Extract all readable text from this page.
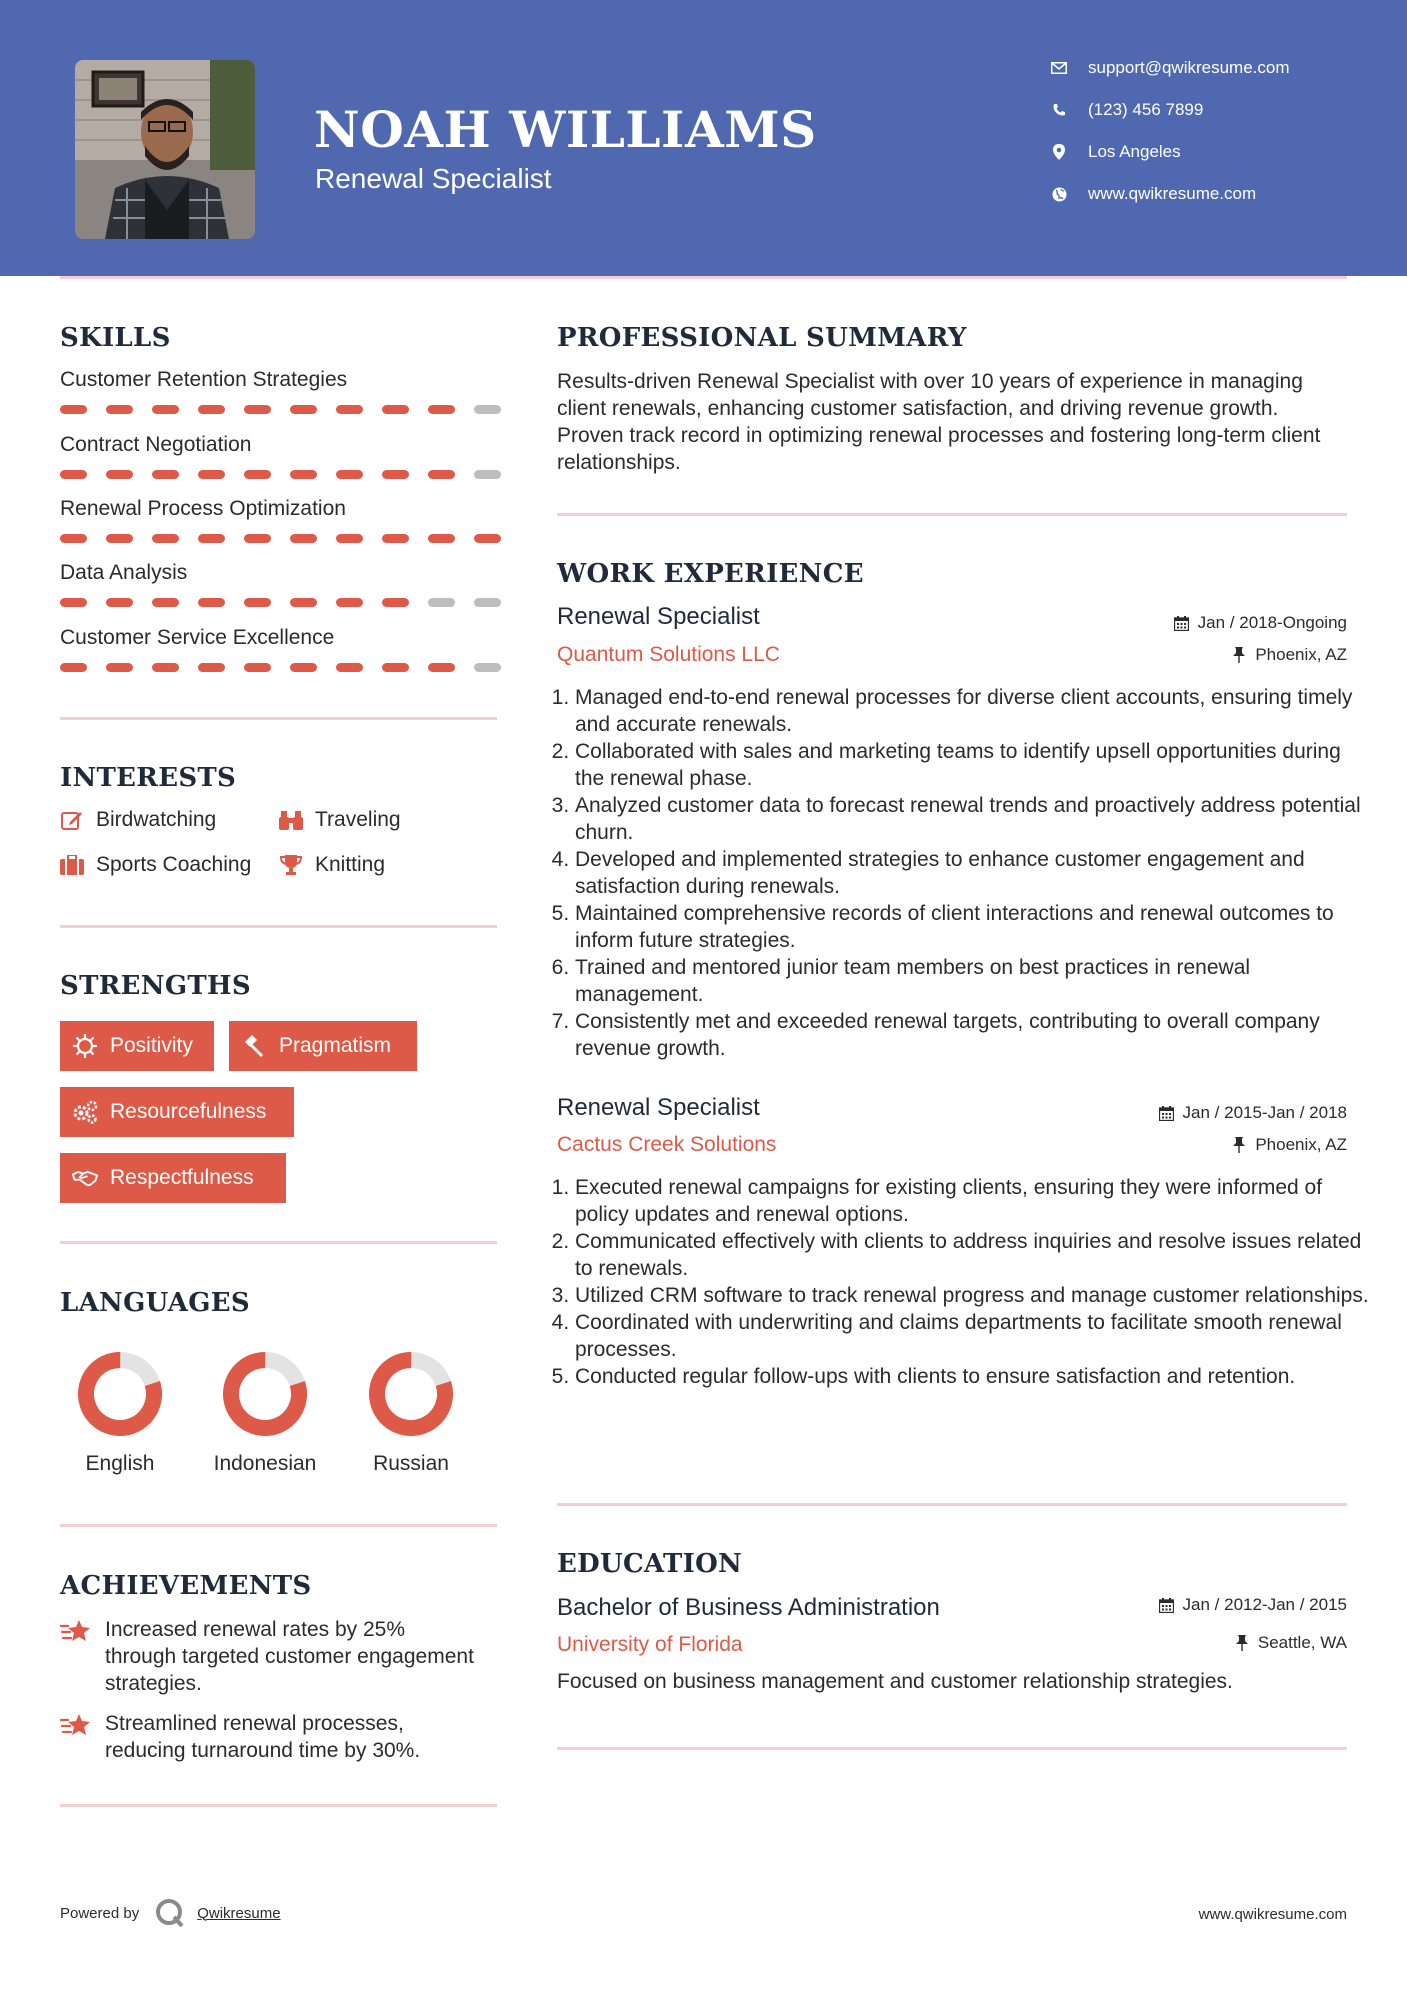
NOAH WILLIAMS
Renewal Specialist
support@qwikresume.com
(123) 456 7899
Los Angeles
www.qwikresume.com
SKILLS
Customer Retention Strategies
Contract Negotiation
Renewal Process Optimization
Data Analysis
Customer Service Excellence
INTERESTS
Birdwatching	Traveling
Sports Coaching	Knitting
STRENGTHS
Positivity	Pragmatism
Resourcefulness
Respectfulness
LANGUAGES
English	Indonesian	Russian
ACHIEVEMENTS
Increased renewal rates by 25% through targeted customer engagement strategies.
Streamlined renewal processes, reducing turnaround time by 30%.
PROFESSIONAL SUMMARY
Results-driven Renewal Specialist with over 10 years of experience in managing client renewals, enhancing customer satisfaction, and driving revenue growth. Proven track record in optimizing renewal processes and fostering long-term client relationships.
WORK EXPERIENCE
Renewal Specialist	Jan / 2018-Ongoing
Quantum Solutions LLC	Phoenix, AZ
1. Managed end-to-end renewal processes for diverse client accounts, ensuring timely and accurate renewals.
2. Collaborated with sales and marketing teams to identify upsell opportunities during the renewal phase.
3. Analyzed customer data to forecast renewal trends and proactively address potential churn.
4. Developed and implemented strategies to enhance customer engagement and satisfaction during renewals.
5. Maintained comprehensive records of client interactions and renewal outcomes to inform future strategies.
6. Trained and mentored junior team members on best practices in renewal management.
7. Consistently met and exceeded renewal targets, contributing to overall company revenue growth.
Renewal Specialist	Jan / 2015-Jan / 2018
Cactus Creek Solutions	Phoenix, AZ
1. Executed renewal campaigns for existing clients, ensuring they were informed of policy updates and renewal options.
2. Communicated effectively with clients to address inquiries and resolve issues related to renewals.
3. Utilized CRM software to track renewal progress and manage customer relationships.
4. Coordinated with underwriting and claims departments to facilitate smooth renewal processes.
5. Conducted regular follow-ups with clients to ensure satisfaction and retention.
EDUCATION
Bachelor of Business Administration	Jan / 2012-Jan / 2015
University of Florida	Seattle, WA
Focused on business management and customer relationship strategies.
Powered by	Qwikresume	www.qwikresume.com
